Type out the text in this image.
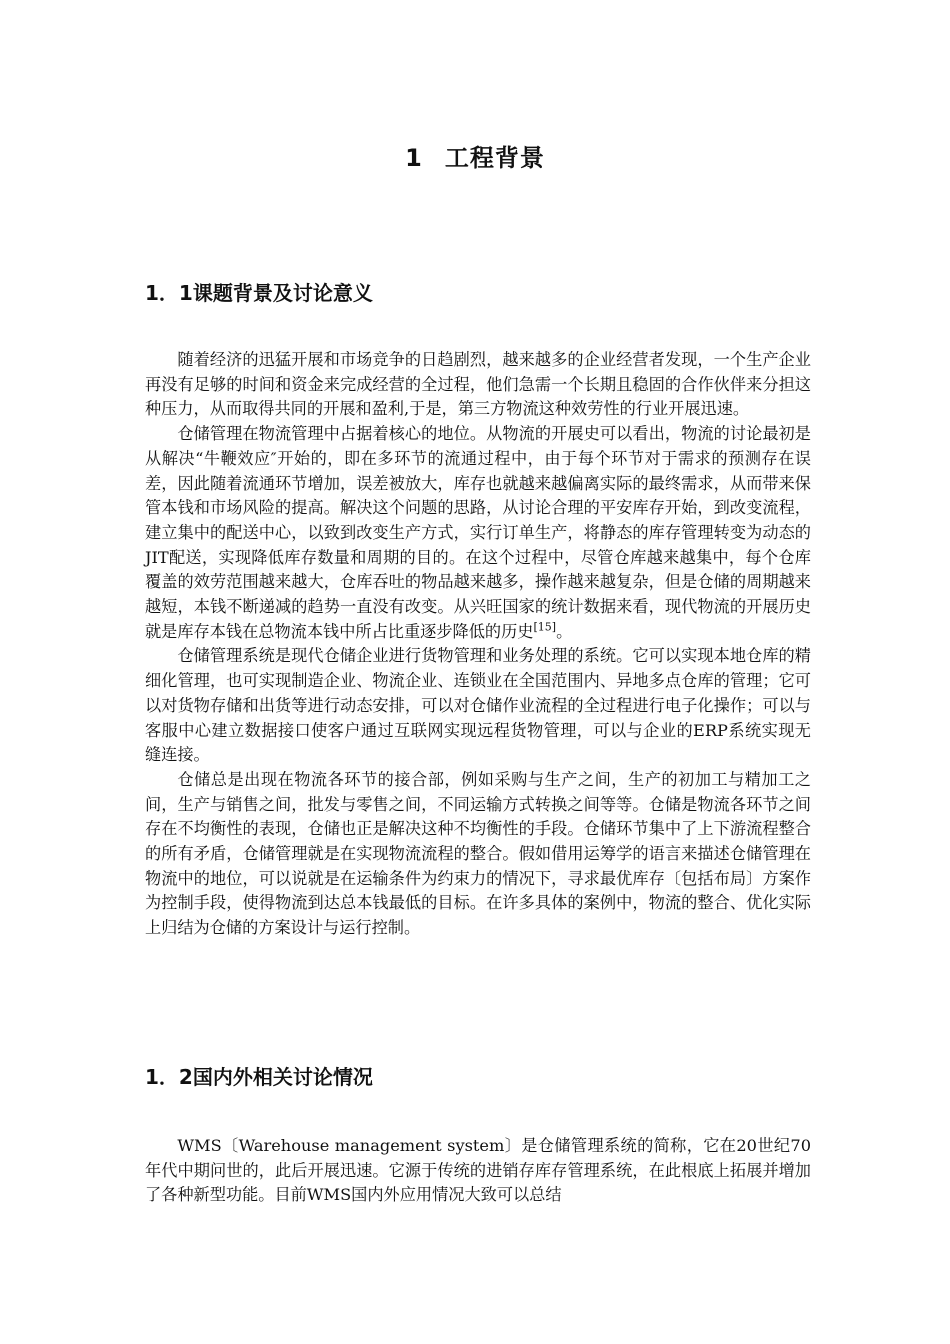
1 工程背景
1．1课题背景及讨论意义

随着经济的迅猛开展和市场竞争的日趋剧烈，越来越多的企业经营者发现，一个生产企业再没有足够的时间和资金来完成经营的全过程，他们急需一个长期且稳固的合作伙伴来分担这种压力，从而取得共同的开展和盈利,于是，第三方物流这种效劳性的行业开展迅速。

仓储管理在物流管理中占据着核心的地位。从物流的开展史可以看出，物流的讨论最初是从解决“牛鞭效应″开始的，即在多环节的流通过程中，由于每个环节对于需求的预测存在误差，因此随着流通环节增加，误差被放大，库存也就越来越偏离实际的最终需求，从而带来保管本钱和市场风险的提高。解决这个问题的思路，从讨论合理的平安库存开始，到改变流程，建立集中的配送中心，以致到改变生产方式，实行订单生产，将静态的库存管理转变为动态的JIT配送，实现降低库存数量和周期的目的。在这个过程中，尽管仓库越来越集中，每个仓库覆盖的效劳范围越来越大，仓库吞吐的物品越来越多，操作越来越复杂，但是仓储的周期越来越短，本钱不断递减的趋势一直没有改变。从兴旺国家的统计数据来看，现代物流的开展历史就是库存本钱在总物流本钱中所占比重逐步降低的历史[15]。

仓储管理系统是现代仓储企业进行货物管理和业务处理的系统。它可以实现本地仓库的精细化管理，也可实现制造企业、物流企业、连锁业在全国范围内、异地多点仓库的管理；它可以对货物存储和出货等进行动态安排，可以对仓储作业流程的全过程进行电子化操作；可以与客服中心建立数据接口使客户通过互联网实现远程货物管理，可以与企业的ERP系统实现无缝连接。

仓储总是出现在物流各环节的接合部，例如采购与生产之间，生产的初加工与精加工之间，生产与销售之间，批发与零售之间，不同运输方式转换之间等等。仓储是物流各环节之间存在不均衡性的表现，仓储也正是解决这种不均衡性的手段。仓储环节集中了上下游流程整合的所有矛盾，仓储管理就是在实现物流流程的整合。假如借用运筹学的语言来描述仓储管理在物流中的地位，可以说就是在运输条件为约束力的情况下，寻求最优库存〔包括布局〕方案作为控制手段，使得物流到达总本钱最低的目标。在许多具体的案例中，物流的整合、优化实际上归结为仓储的方案设计与运行控制。

1．2国内外相关讨论情况

WMS〔Warehouse management system〕是仓储管理系统的简称，它在20世纪70年代中期问世的，此后开展迅速。它源于传统的进销存库存管理系统，在此根底上拓展并增加了各种新型功能。目前WMS国内外应用情况大致可以总结
